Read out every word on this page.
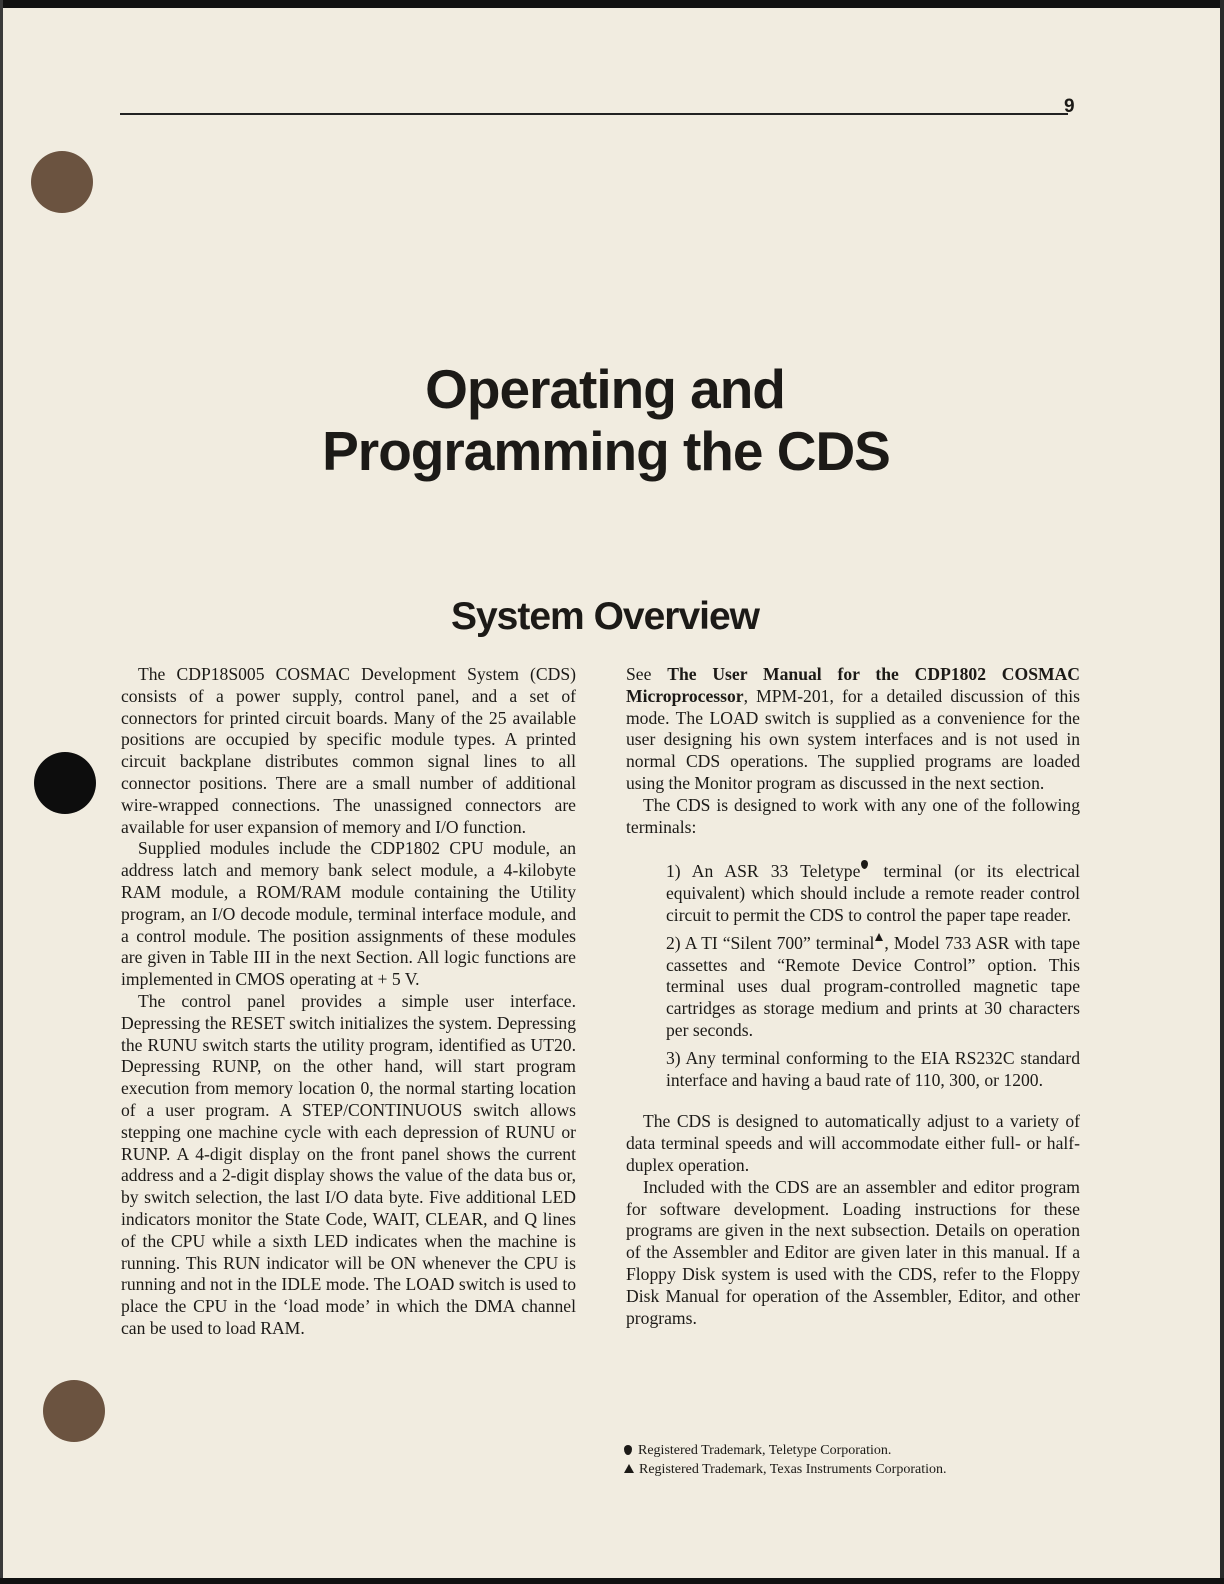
9
Operating and
Programming the CDS
System Overview

The CDP18S005 COSMAC Development System (CDS) consists of a power supply, control panel, and a set of connectors for printed circuit boards. Many of the 25 available positions are occupied by specific module types. A printed circuit backplane distributes common signal lines to all connector positions. There are a small number of additional wire-wrapped connections. The unassigned connectors are available for user expansion of memory and I/O function.

Supplied modules include the CDP1802 CPU module, an address latch and memory bank select module, a 4-kilobyte RAM module, a ROM/RAM module containing the Utility program, an I/O decode module, terminal interface module, and a control module. The position assignments of these modules are given in Table III in the next Section. All logic functions are implemented in CMOS operating at + 5 V.

The control panel provides a simple user interface. Depressing the RESET switch initializes the system. Depressing the RUNU switch starts the utility program, identified as UT20. Depressing RUNP, on the other hand, will start program execution from memory location 0, the normal starting location of a user program. A STEP/CONTINUOUS switch allows stepping one machine cycle with each depression of RUNU or RUNP. A 4-digit display on the front panel shows the current address and a 2-digit display shows the value of the data bus or, by switch selection, the last I/O data byte. Five additional LED indicators monitor the State Code, WAIT, CLEAR, and Q lines of the CPU while a sixth LED indicates when the machine is running. This RUN indicator will be ON whenever the CPU is running and not in the IDLE mode. The LOAD switch is used to place the CPU in the ‘load mode’ in which the DMA channel can be used to load RAM.

See The User Manual for the CDP1802 COSMAC Microprocessor, MPM-201, for a detailed discussion of this mode. The LOAD switch is supplied as a convenience for the user designing his own system interfaces and is not used in normal CDS operations. The supplied programs are loaded using the Monitor program as discussed in the next section.

The CDS is designed to work with any one of the following terminals:

1) An ASR 33 Teletype terminal (or its electrical equivalent) which should include a remote reader control circuit to permit the CDS to control the paper tape reader.
2) A TI “Silent 700” terminal , Model 733 ASR with tape cassettes and “Remote Device Control” option. This terminal uses dual program-controlled magnetic tape cartridges as storage medium and prints at 30 characters per seconds.
3) Any terminal conforming to the EIA RS232C standard interface and having a baud rate of 110, 300, or 1200.

The CDS is designed to automatically adjust to a variety of data terminal speeds and will accommodate either full- or half-duplex operation.

Included with the CDS are an assembler and editor program for software development. Loading instructions for these programs are given in the next subsection. Details on operation of the Assembler and Editor are given later in this manual. If a Floppy Disk system is used with the CDS, refer to the Floppy Disk Manual for operation of the Assembler, Editor, and other programs.

Registered Trademark, Teletype Corporation.
Registered Trademark, Texas Instruments Corporation.
